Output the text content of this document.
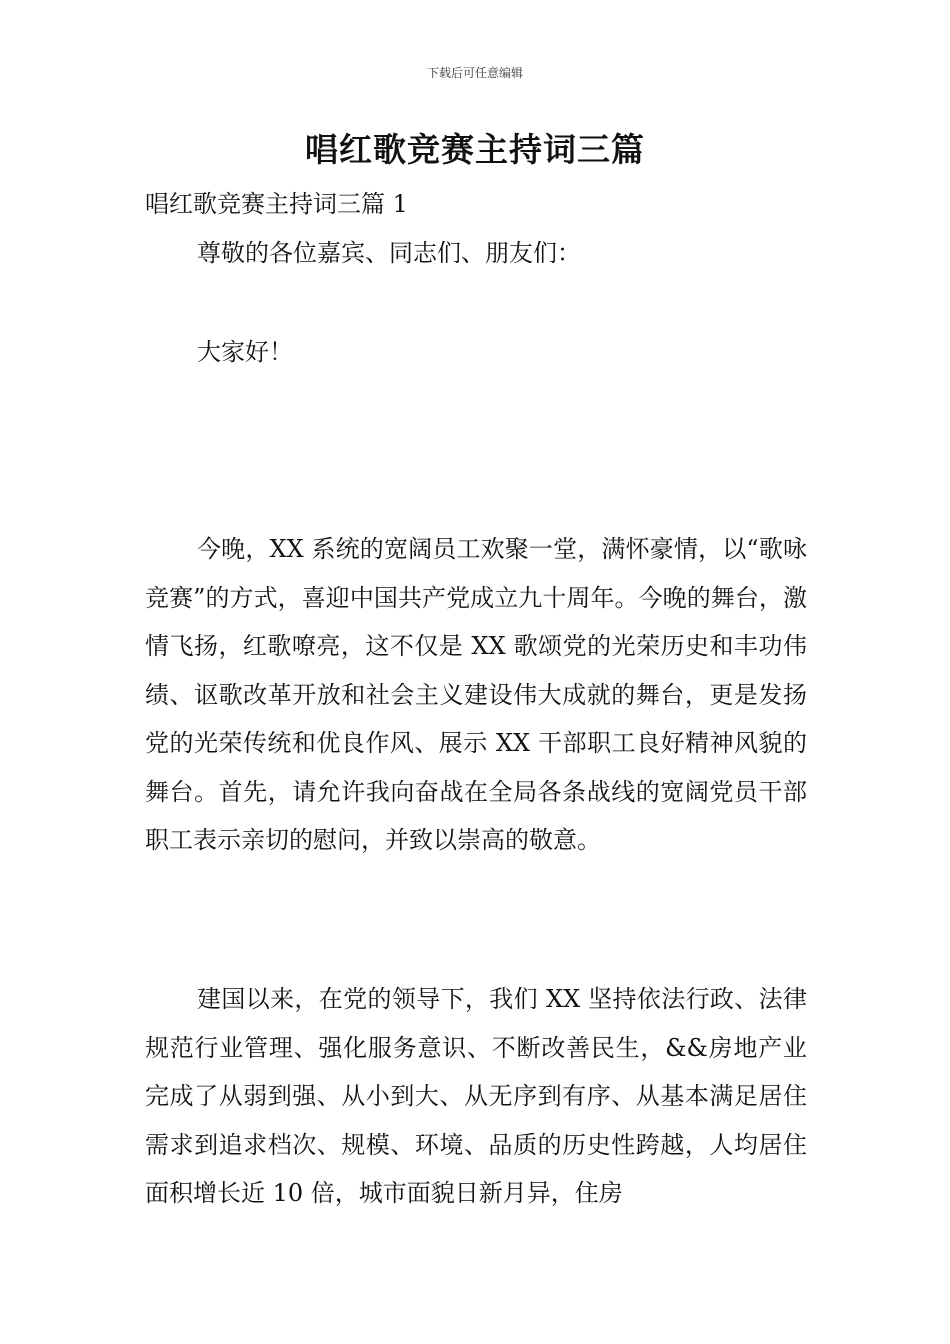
下载后可任意编辑
唱红歌竞赛主持词三篇
唱红歌竞赛主持词三篇 1

尊敬的各位嘉宾、同志们、朋友们：

大家好！

今晚，XX 系统的宽阔员工欢聚一堂，满怀豪情，以“歌咏竞赛”的方式，喜迎中国共产党成立九十周年。今晚的舞台，激情飞扬，红歌嘹亮，这不仅是 XX 歌颂党的光荣历史和丰功伟绩、讴歌改革开放和社会主义建设伟大成就的舞台，更是发扬党的光荣传统和优良作风、展示 XX 干部职工良好精神风貌的舞台。首先，请允许我向奋战在全局各条战线的宽阔党员干部职工表示亲切的慰问，并致以崇高的敬意。

建国以来，在党的领导下，我们 XX 坚持依法行政、法律规范行业管理、强化服务意识、不断改善民生，&&房地产业完成了从弱到强、从小到大、从无序到有序、从基本满足居住需求到追求档次、规模、环境、品质的历史性跨越，人均居住面积增长近 10 倍，城市面貌日新月异，住房
